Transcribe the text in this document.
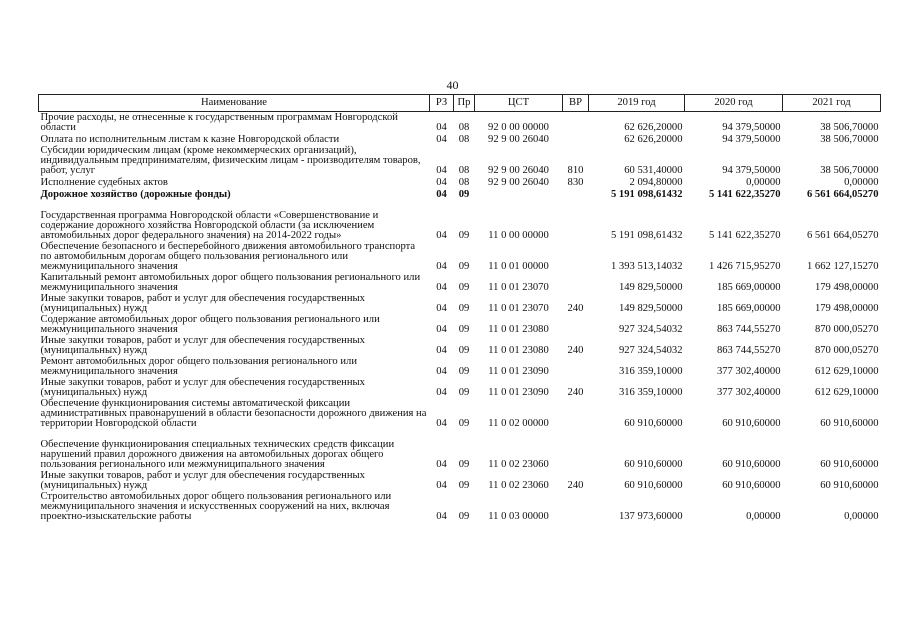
40
Наименование	РЗ	Пр	ЦСТ	ВР	2019 год	2020 год	2021 год
Прочие расходы, не отнесенные к государственным программам Новгородской области	04	08	92 0 00 00000		62 626,20000	94 379,50000	38 506,70000
Оплата по исполнительным листам к казне Новгородской области	04	08	92 9 00 26040		62 626,20000	94 379,50000	38 506,70000
Субсидии юридическим лицам (кроме некоммерческих организаций), индивидуальным предпринимателям, физическим лицам - производителям товаров, работ, услуг	04	08	92 9 00 26040	810	60 531,40000	94 379,50000	38 506,70000
Исполнение судебных актов	04	08	92 9 00 26040	830	2 094,80000	0,00000	0,00000
Дорожное хозяйство (дорожные фонды)	04	09			5 191 098,61432	5 141 622,35270	6 561 664,05270
Государственная программа Новгородской области «Совершенствование и содержание дорожного хозяйства Новгородской области (за исключением автомобильных дорог федерального значения) на 2014-2022 годы»	04	09	11 0 00 00000		5 191 098,61432	5 141 622,35270	6 561 664,05270
Обеспечение безопасного и бесперебойного движения автомобильного транспорта по автомобильным дорогам общего пользования регионального или межмуниципального значения	04	09	11 0 01 00000		1 393 513,14032	1 426 715,95270	1 662 127,15270
Капитальный ремонт автомобильных дорог общего пользования регионального или межмуниципального значения	04	09	11 0 01 23070		149 829,50000	185 669,00000	179 498,00000
Иные закупки товаров, работ и услуг для обеспечения государственных (муниципальных) нужд	04	09	11 0 01 23070	240	149 829,50000	185 669,00000	179 498,00000
Содержание автомобильных дорог общего пользования регионального или межмуниципального значения	04	09	11 0 01 23080		927 324,54032	863 744,55270	870 000,05270
Иные закупки товаров, работ и услуг для обеспечения государственных (муниципальных) нужд	04	09	11 0 01 23080	240	927 324,54032	863 744,55270	870 000,05270
Ремонт автомобильных дорог общего пользования регионального или межмуниципального значения	04	09	11 0 01 23090		316 359,10000	377 302,40000	612 629,10000
Иные закупки товаров, работ и услуг для обеспечения государственных (муниципальных) нужд	04	09	11 0 01 23090	240	316 359,10000	377 302,40000	612 629,10000
Обеспечение функционирования системы автоматической фиксации административных правонарушений в области безопасности дорожного движения на территории Новгородской области	04	09	11 0 02 00000		60 910,60000	60 910,60000	60 910,60000
Обеспечение функционирования специальных технических средств фиксации нарушений правил дорожного движения на автомобильных дорогах общего пользования регионального или межмуниципального значения	04	09	11 0 02 23060		60 910,60000	60 910,60000	60 910,60000
Иные закупки товаров, работ и услуг для обеспечения государственных (муниципальных) нужд	04	09	11 0 02 23060	240	60 910,60000	60 910,60000	60 910,60000
Строительство автомобильных дорог общего пользования регионального или межмуниципального значения и искусственных сооружений на них, включая проектно-изыскательские работы	04	09	11 0 03 00000		137 973,60000	0,00000	0,00000
